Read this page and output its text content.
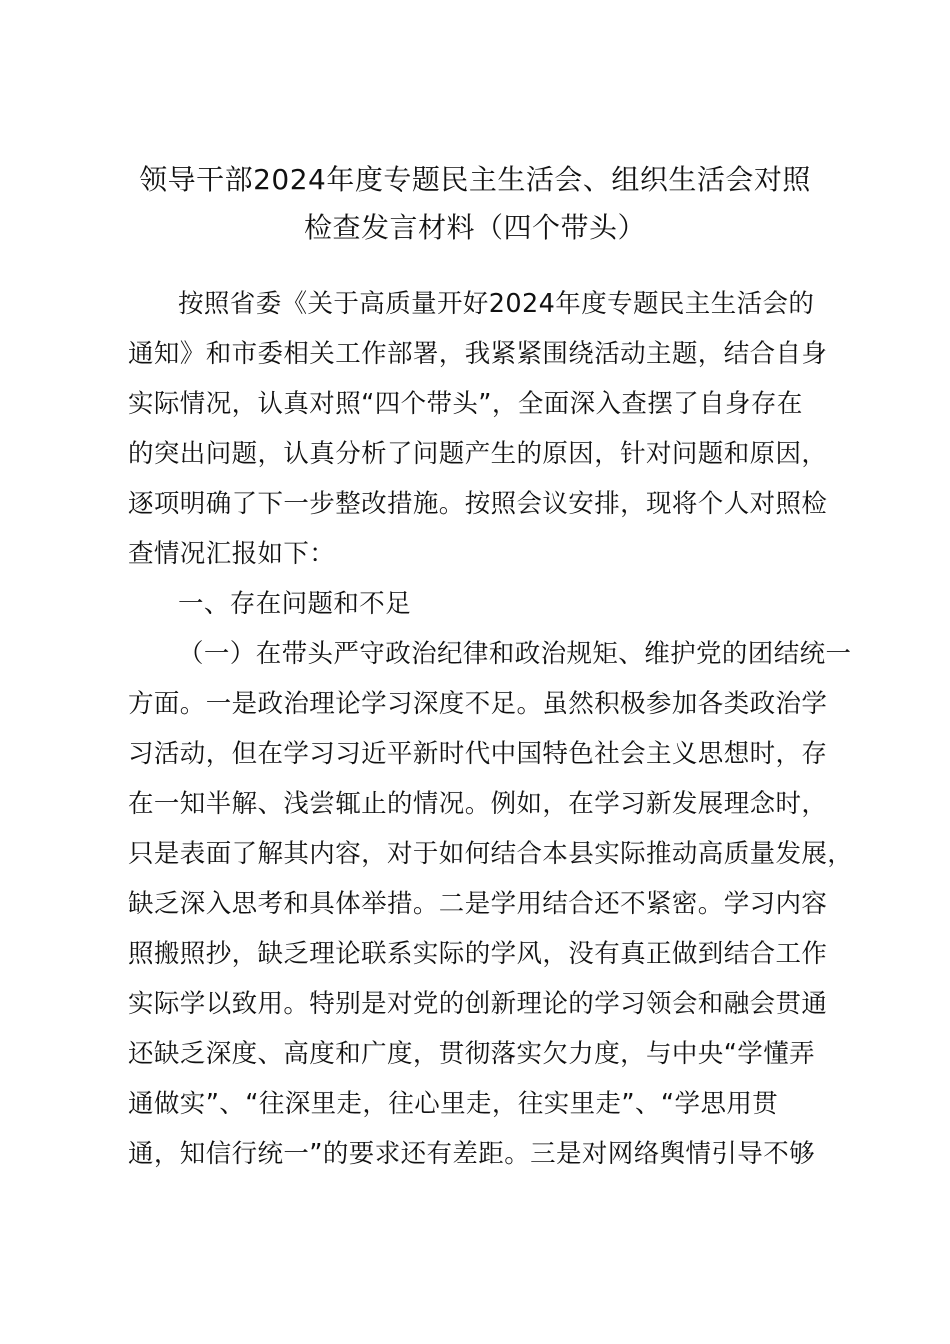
领导干部2024年度专题民主生活会、组织生活会对照
检查发言材料（四个带头）
按照省委《关于高质量开好2024年度专题民主生活会的
通知》和市委相关工作部署，我紧紧围绕活动主题，结合自身
实际情况，认真对照“四个带头”，全面深入查摆了自身存在
的突出问题，认真分析了问题产生的原因，针对问题和原因，
逐项明确了下一步整改措施。按照会议安排，现将个人对照检
查情况汇报如下：
一、存在问题和不足
（一）在带头严守政治纪律和政治规矩、维护党的团结统一
方面。一是政治理论学习深度不足。虽然积极参加各类政治学
习活动，但在学习习近平新时代中国特色社会主义思想时，存
在一知半解、浅尝辄止的情况。例如，在学习新发展理念时，
只是表面了解其内容，对于如何结合本县实际推动高质量发展，
缺乏深入思考和具体举措。二是学用结合还不紧密。学习内容
照搬照抄，缺乏理论联系实际的学风，没有真正做到结合工作
实际学以致用。特别是对党的创新理论的学习领会和融会贯通
还缺乏深度、高度和广度，贯彻落实欠力度，与中央“学懂弄
通做实”、“往深里走，往心里走，往实里走”、“学思用贯
通，知信行统一”的要求还有差距。三是对网络舆情引导不够
